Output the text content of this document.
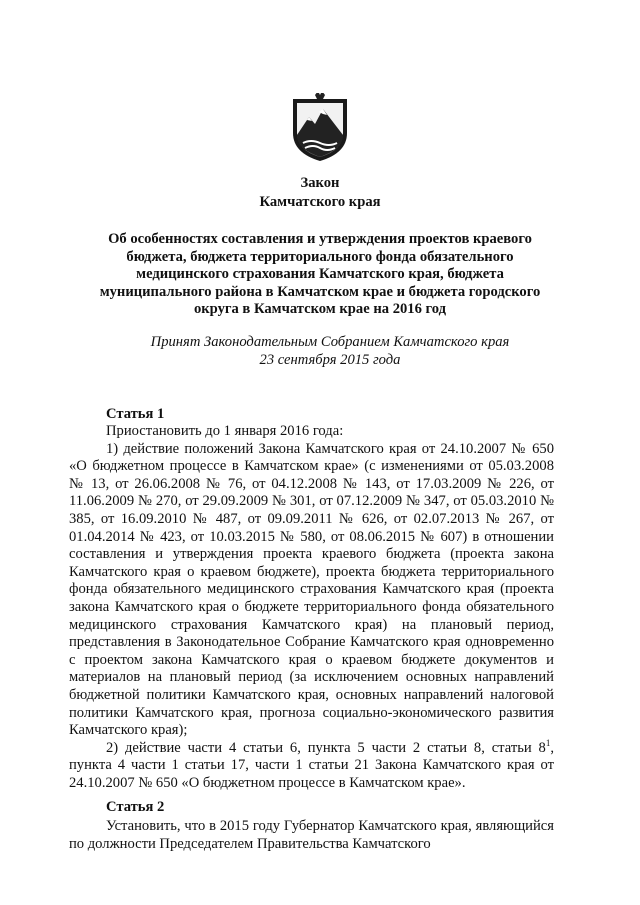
Закон
Камчатского края
Об особенностях составления и утверждения проектов краевого бюджета, бюджета территориального фонда обязательного медицинского страхования Камчатского края, бюджета муниципального района в Камчатском крае и бюджета городского округа в Камчатском крае на 2016 год
Принят Законодательным Собранием Камчатского края
23 сентября 2015 года
Статья 1

Приостановить до 1 января 2016 года:

1) действие положений Закона Камчатского края от 24.10.2007 № 650 «О бюджетном процессе в Камчатском крае» (с изменениями от 05.03.2008 № 13, от 26.06.2008 № 76, от 04.12.2008 № 143, от 17.03.2009 № 226, от 11.06.2009 № 270, от 29.09.2009 № 301, от 07.12.2009 № 347, от 05.03.2010 № 385, от 16.09.2010 № 487, от 09.09.2011 № 626, от 02.07.2013 № 267, от 01.04.2014 № 423, от 10.03.2015 № 580, от 08.06.2015 № 607) в отношении составления и утверждения проекта краевого бюджета (проекта закона Камчатского края о краевом бюджете), проекта бюджета территориального фонда обязательного медицинского страхования Камчатского края (проекта закона Камчатского края о бюджете территориального фонда обязательного медицинского страхования Камчатского края) на плановый период, представления в Законодательное Собрание Камчатского края одновременно с проектом закона Камчатского края о краевом бюджете документов и материалов на плановый период (за исключением основных направлений бюджетной политики Камчатского края, основных направлений налоговой политики Камчатского края, прогноза социально-экономического развития Камчатского края);

2) действие части 4 статьи 6, пункта 5 части 2 статьи 8, статьи $8^1$, пункта 4 части 1 статьи 17, части 1 статьи 21 Закона Камчатского края от 24.10.2007 № 650 «О бюджетном процессе в Камчатском крае».

Статья 2

Установить, что в 2015 году Губернатор Камчатского края, являющийся по должности Председателем Правительства Камчатского
